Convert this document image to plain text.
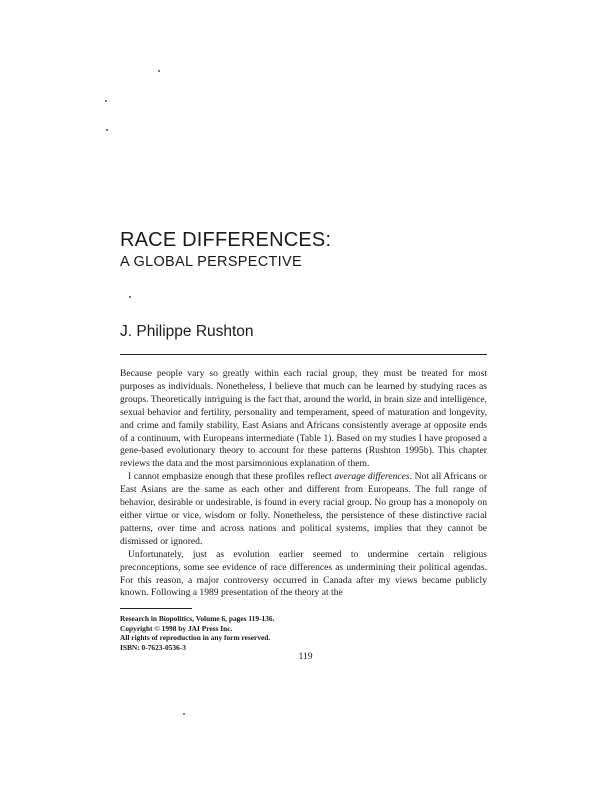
RACE DIFFERENCES:
A GLOBAL PERSPECTIVE
J. Philippe Rushton

Because people vary so greatly within each racial group, they must be treated for most purposes as individuals. Nonetheless, I believe that much can be learned by studying races as groups. Theoretically intriguing is the fact that, around the world, in brain size and intelligence, sexual behavior and fertility, personality and temperament, speed of maturation and longevity, and crime and family stability, East Asians and Africans consistently average at opposite ends of a continuum, with Europeans intermediate (Table 1). Based on my studies I have proposed a gene-based evolutionary theory to account for these patterns (Rushton 1995b). This chapter reviews the data and the most parsimonious explanation of them.

I cannot emphasize enough that these profiles reflect average differences. Not all Africans or East Asians are the same as each other and different from Europeans. The full range of behavior, desirable or undesirable, is found in every racial group. No group has a monopoly on either virtue or vice, wisdom or folly. Nonetheless, the persistence of these distinctive racial patterns, over time and across nations and political systems, implies that they cannot be dismissed or ignored.

Unfortunately, just as evolution earlier seemed to undermine certain religious preconceptions, some see evidence of race differences as undermining their political agendas. For this reason, a major controversy occurred in Canada after my views became publicly known. Following a 1989 presentation of the theory at the

Research in Biopolitics, Volume 6, pages 119-136.
Copyright © 1998 by JAI Press Inc.
All rights of reproduction in any form reserved.
ISBN: 0-7623-0536-3
119
